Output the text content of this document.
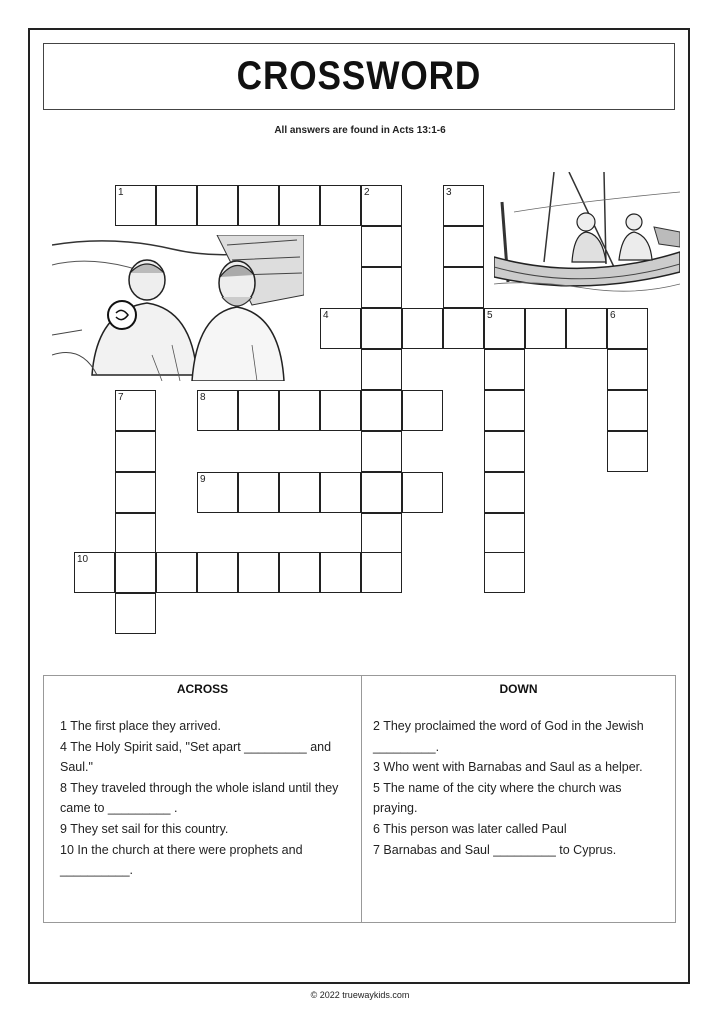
CROSSWORD
All answers are found in Acts 13:1-6
1	2	3
4	5	6
7	8
9
10
ACROSS
1 The first place they arrived.
4 The Holy Spirit said, "Set apart _________ and Saul."
8 They traveled through the whole island until they came to _________ .
9 They set sail for this country.
10 In the church at there were prophets and __________.
DOWN
2 They proclaimed the word of God in the Jewish _________.
3 Who went with Barnabas and Saul as a helper.
5 The name of the city where the church was praying.
6 This person was later called Paul
7 Barnabas and Saul _________ to Cyprus.
© 2022 truewaykids.com
